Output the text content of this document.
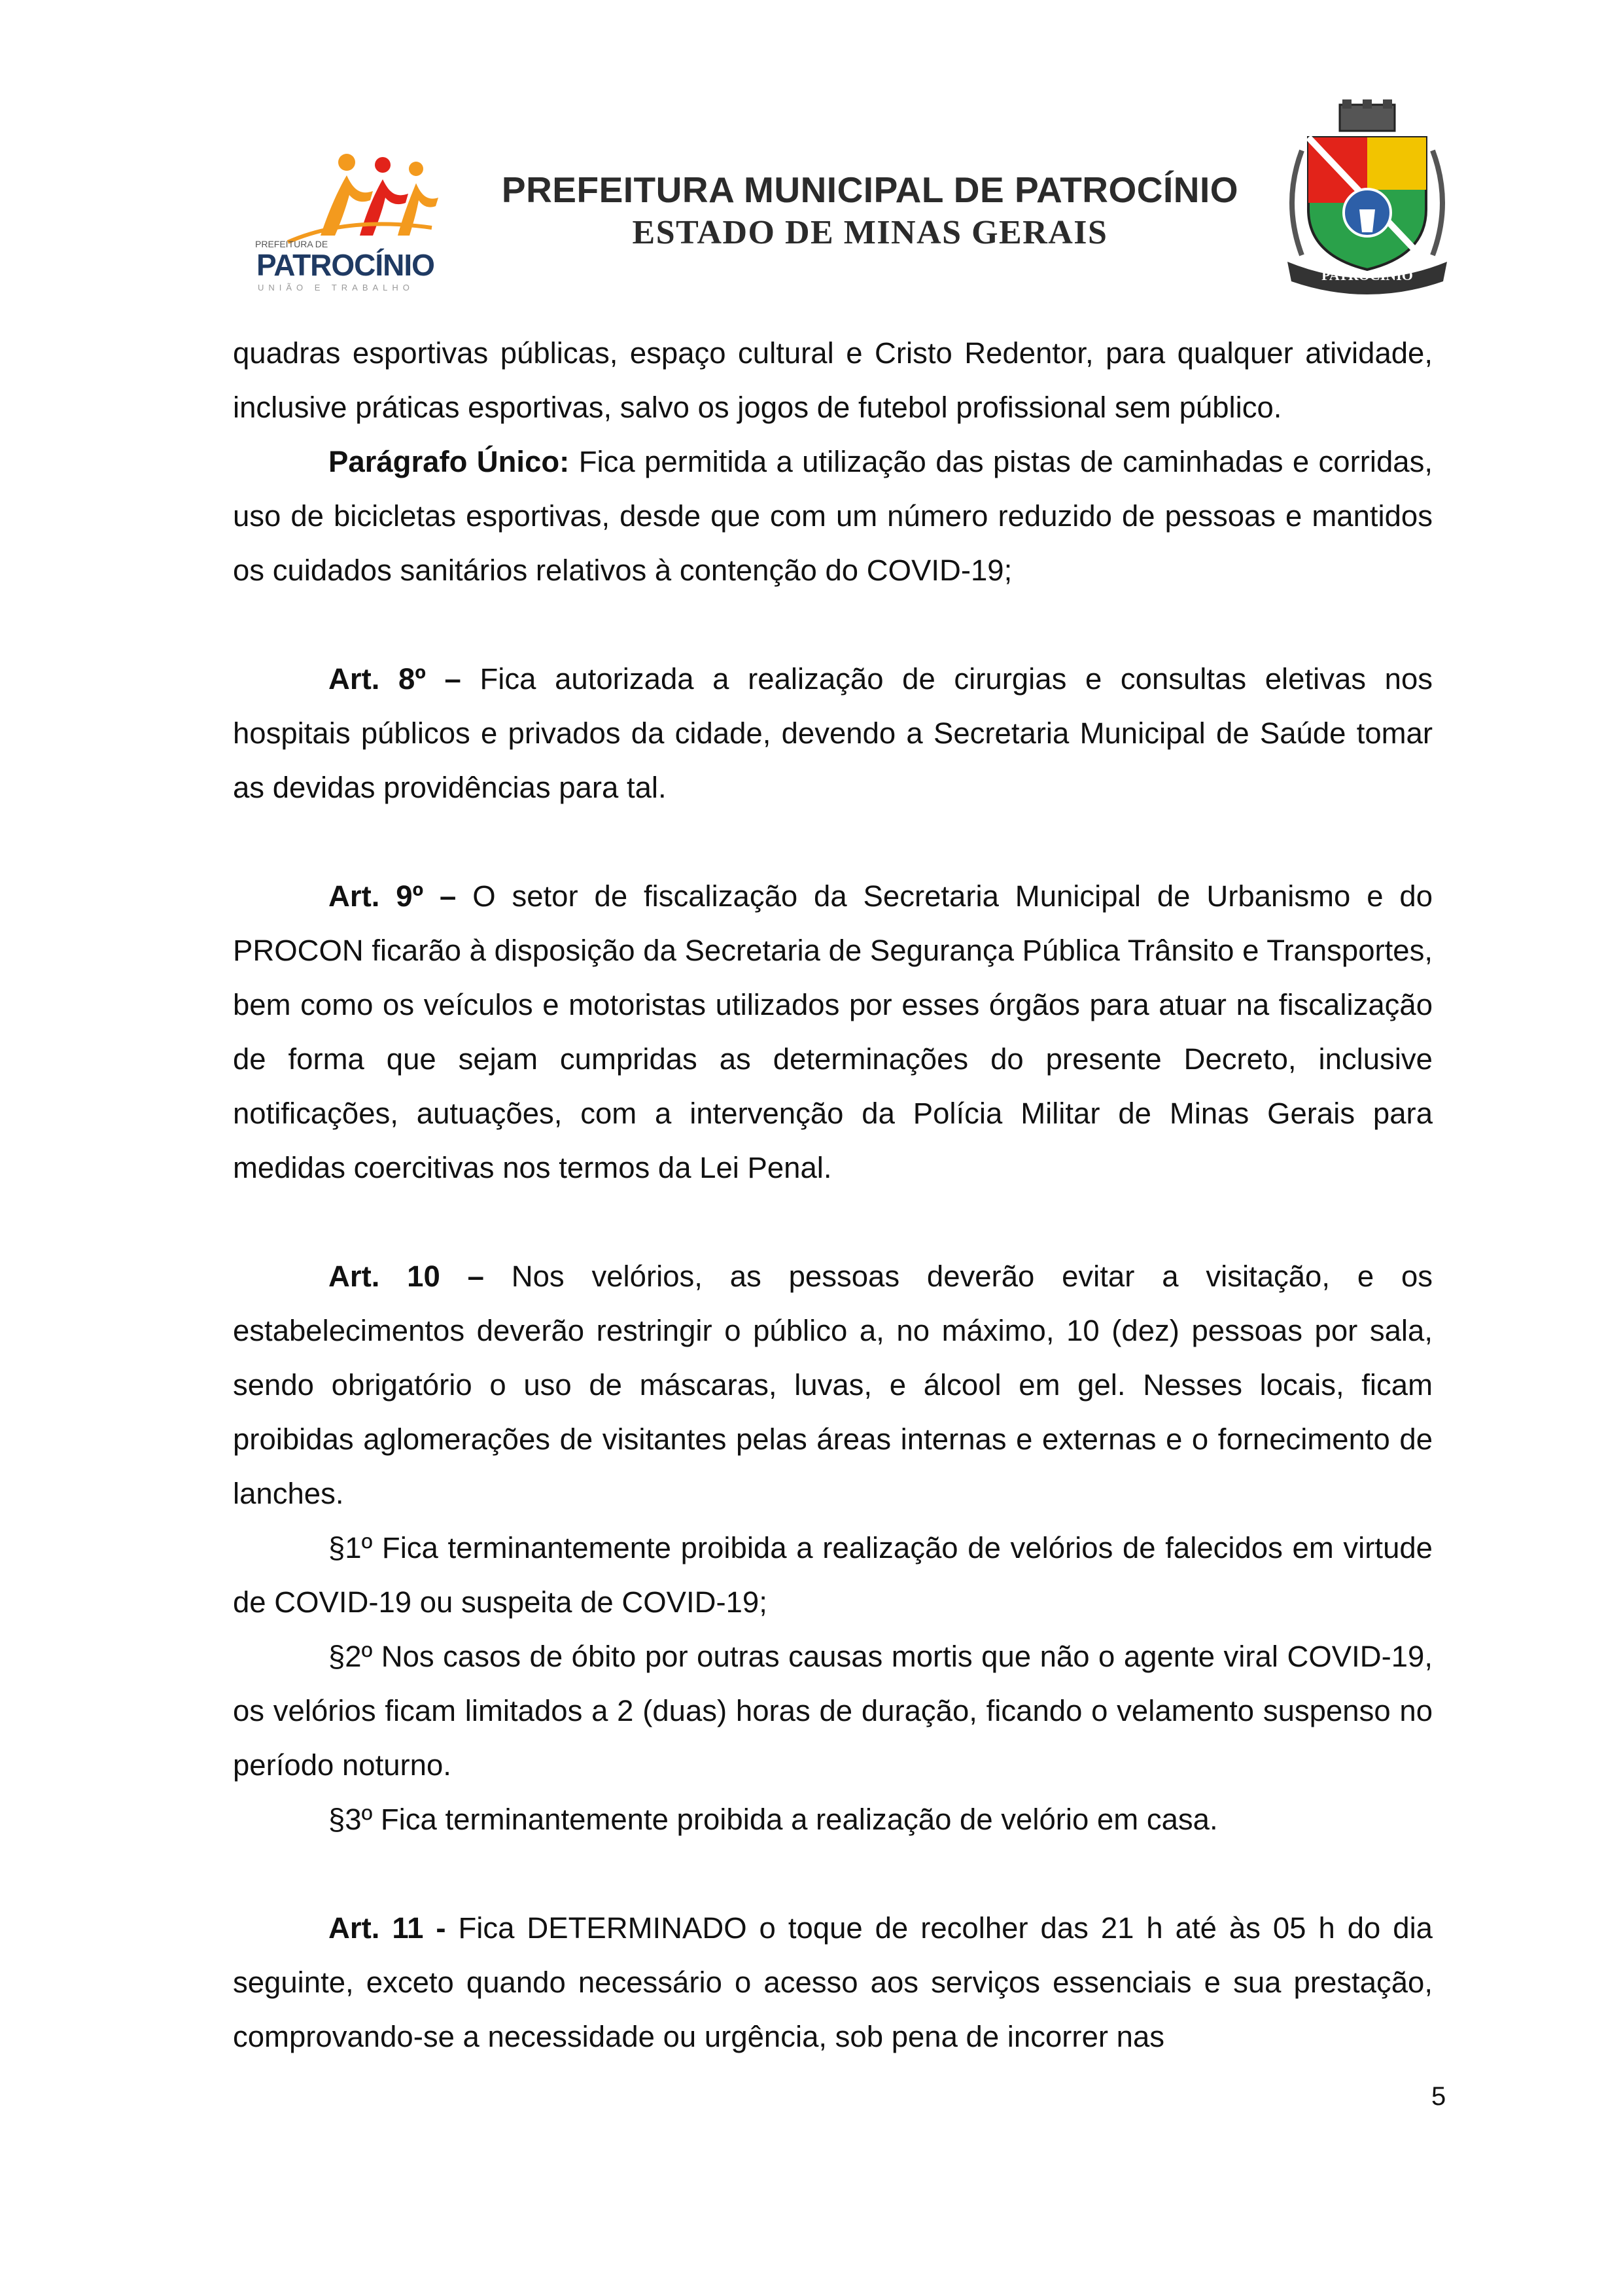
PREFEITURA DE
PATROCÍNIO
UNIÃO E TRABALHO
PREFEITURA MUNICIPAL DE PATROCÍNIO
ESTADO DE MINAS GERAIS
PATROCÍNIO

quadras esportivas públicas, espaço cultural e Cristo Redentor, para qualquer atividade, inclusive práticas esportivas, salvo os jogos de futebol profissional sem público.

Parágrafo Único: Fica permitida a utilização das pistas de caminhadas e corridas, uso de bicicletas esportivas, desde que com um número reduzido de pessoas e mantidos os cuidados sanitários relativos à contenção do COVID-19;

Art. 8º – Fica autorizada a realização de cirurgias e consultas eletivas nos hospitais públicos e privados da cidade, devendo a Secretaria Municipal de Saúde tomar as devidas providências para tal.

Art. 9º – O setor de fiscalização da Secretaria Municipal de Urbanismo e do PROCON ficarão à disposição da Secretaria de Segurança Pública Trânsito e Transportes, bem como os veículos e motoristas utilizados por esses órgãos para atuar na fiscalização de forma que sejam cumpridas as determinações do presente Decreto, inclusive notificações, autuações, com a intervenção da Polícia Militar de Minas Gerais para medidas coercitivas nos termos da Lei Penal.

Art. 10 – Nos velórios, as pessoas deverão evitar a visitação, e os estabelecimentos deverão restringir o público a, no máximo, 10 (dez) pessoas por sala, sendo obrigatório o uso de máscaras, luvas, e álcool em gel. Nesses locais, ficam proibidas aglomerações de visitantes pelas áreas internas e externas e o fornecimento de lanches.

§1º Fica terminantemente proibida a realização de velórios de falecidos em virtude de COVID-19 ou suspeita de COVID-19;

§2º Nos casos de óbito por outras causas mortis que não o agente viral COVID-19, os velórios ficam limitados a 2 (duas) horas de duração, ficando o velamento suspenso no período noturno.

§3º Fica terminantemente proibida a realização de velório em casa.

Art. 11 - Fica DETERMINADO o toque de recolher das 21 h até às 05 h do dia seguinte, exceto quando necessário o acesso aos serviços essenciais e sua prestação, comprovando-se a necessidade ou urgência, sob pena de incorrer nas

5
